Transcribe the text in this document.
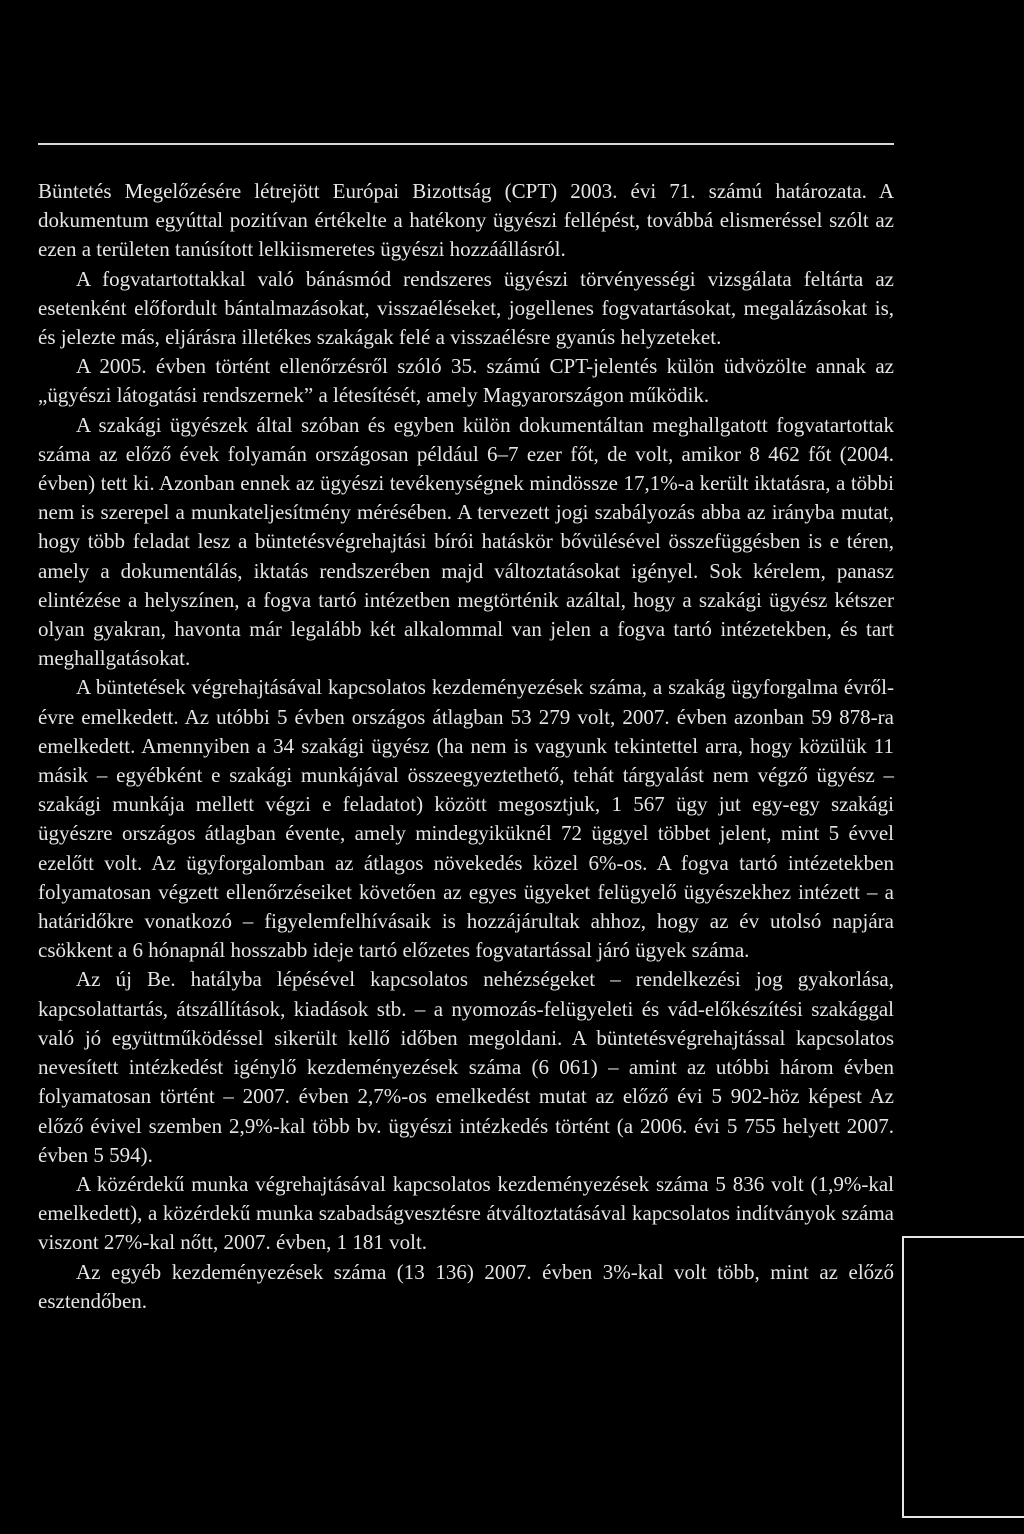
Büntetés Megelőzésére létrejött Európai Bizottság (CPT) 2003. évi 71. számú határozata. A dokumentum egyúttal pozitívan értékelte a hatékony ügyészi fellépést, továbbá elismeréssel szólt az ezen a területen tanúsított lelkiismeretes ügyészi hozzáállásról.

A fogvatartottakkal való bánásmód rendszeres ügyészi törvényességi vizsgálata feltárta az esetenként előfordult bántalmazásokat, visszaéléseket, jogellenes fogvatartásokat, megalázásokat is, és jelezte más, eljárásra illetékes szakágak felé a visszaélésre gyanús helyzeteket.

A 2005. évben történt ellenőrzésről szóló 35. számú CPT-jelentés külön üdvözölte annak az „ügyészi látogatási rendszernek” a létesítését, amely Magyarországon működik.

A szakági ügyészek által szóban és egyben külön dokumentáltan meghallgatott fogvatartottak száma az előző évek folyamán országosan például 6–7 ezer főt, de volt, amikor 8 462 főt (2004. évben) tett ki. Azonban ennek az ügyészi tevékenységnek mindössze 17,1%-a került iktatásra, a többi nem is szerepel a munkateljesítmény mérésében. A tervezett jogi szabályozás abba az irányba mutat, hogy több feladat lesz a büntetésvégrehajtási bírói hatáskör bővülésével összefüggésben is e téren, amely a dokumentálás, iktatás rendszerében majd változtatásokat igényel. Sok kérelem, panasz elintézése a helyszínen, a fogva tartó intézetben megtörténik azáltal, hogy a szakági ügyész kétszer olyan gyakran, havonta már legalább két alkalommal van jelen a fogva tartó intézetekben, és tart meghallgatásokat.

A büntetések végrehajtásával kapcsolatos kezdeményezések száma, a szakág ügyforgalma évről-évre emelkedett. Az utóbbi 5 évben országos átlagban 53 279 volt, 2007. évben azonban 59 878-ra emelkedett. Amennyiben a 34 szakági ügyész (ha nem is vagyunk tekintettel arra, hogy közülük 11 másik – egyébként e szakági munkájával összeegyeztethető, tehát tárgyalást nem végző ügyész – szakági munkája mellett végzi e feladatot) között megosztjuk, 1 567 ügy jut egy-egy szakági ügyészre országos átlagban évente, amely mindegyiküknél 72 üggyel többet jelent, mint 5 évvel ezelőtt volt. Az ügyforgalomban az átlagos növekedés közel 6%-os. A fogva tartó intézetekben folyamatosan végzett ellenőrzéseiket követően az egyes ügyeket felügyelő ügyészekhez intézett – a határidőkre vonatkozó – figyelemfelhívásaik is hozzájárultak ahhoz, hogy az év utolsó napjára csökkent a 6 hónapnál hosszabb ideje tartó előzetes fogvatartással járó ügyek száma.

Az új Be. hatályba lépésével kapcsolatos nehézségeket – rendelkezési jog gyakorlása, kapcsolattartás, átszállítások, kiadások stb. – a nyomozás-felügyeleti és vád-előkészítési szakággal való jó együttműködéssel sikerült kellő időben megoldani. A büntetésvégrehajtással kapcsolatos nevesített intézkedést igénylő kezdeményezések száma (6 061) – amint az utóbbi három évben folyamatosan történt – 2007. évben 2,7%-os emelkedést mutat az előző évi 5 902-höz képest Az előző évivel szemben 2,9%-kal több bv. ügyészi intézkedés történt (a 2006. évi 5 755 helyett 2007. évben 5 594).

A közérdekű munka végrehajtásával kapcsolatos kezdeményezések száma 5 836 volt (1,9%-kal emelkedett), a közérdekű munka szabadságvesztésre átváltoztatásával kapcsolatos indítványok száma viszont 27%-kal nőtt, 2007. évben, 1 181 volt.

Az egyéb kezdeményezések száma (13 136) 2007. évben 3%-kal volt több, mint az előző esztendőben.
